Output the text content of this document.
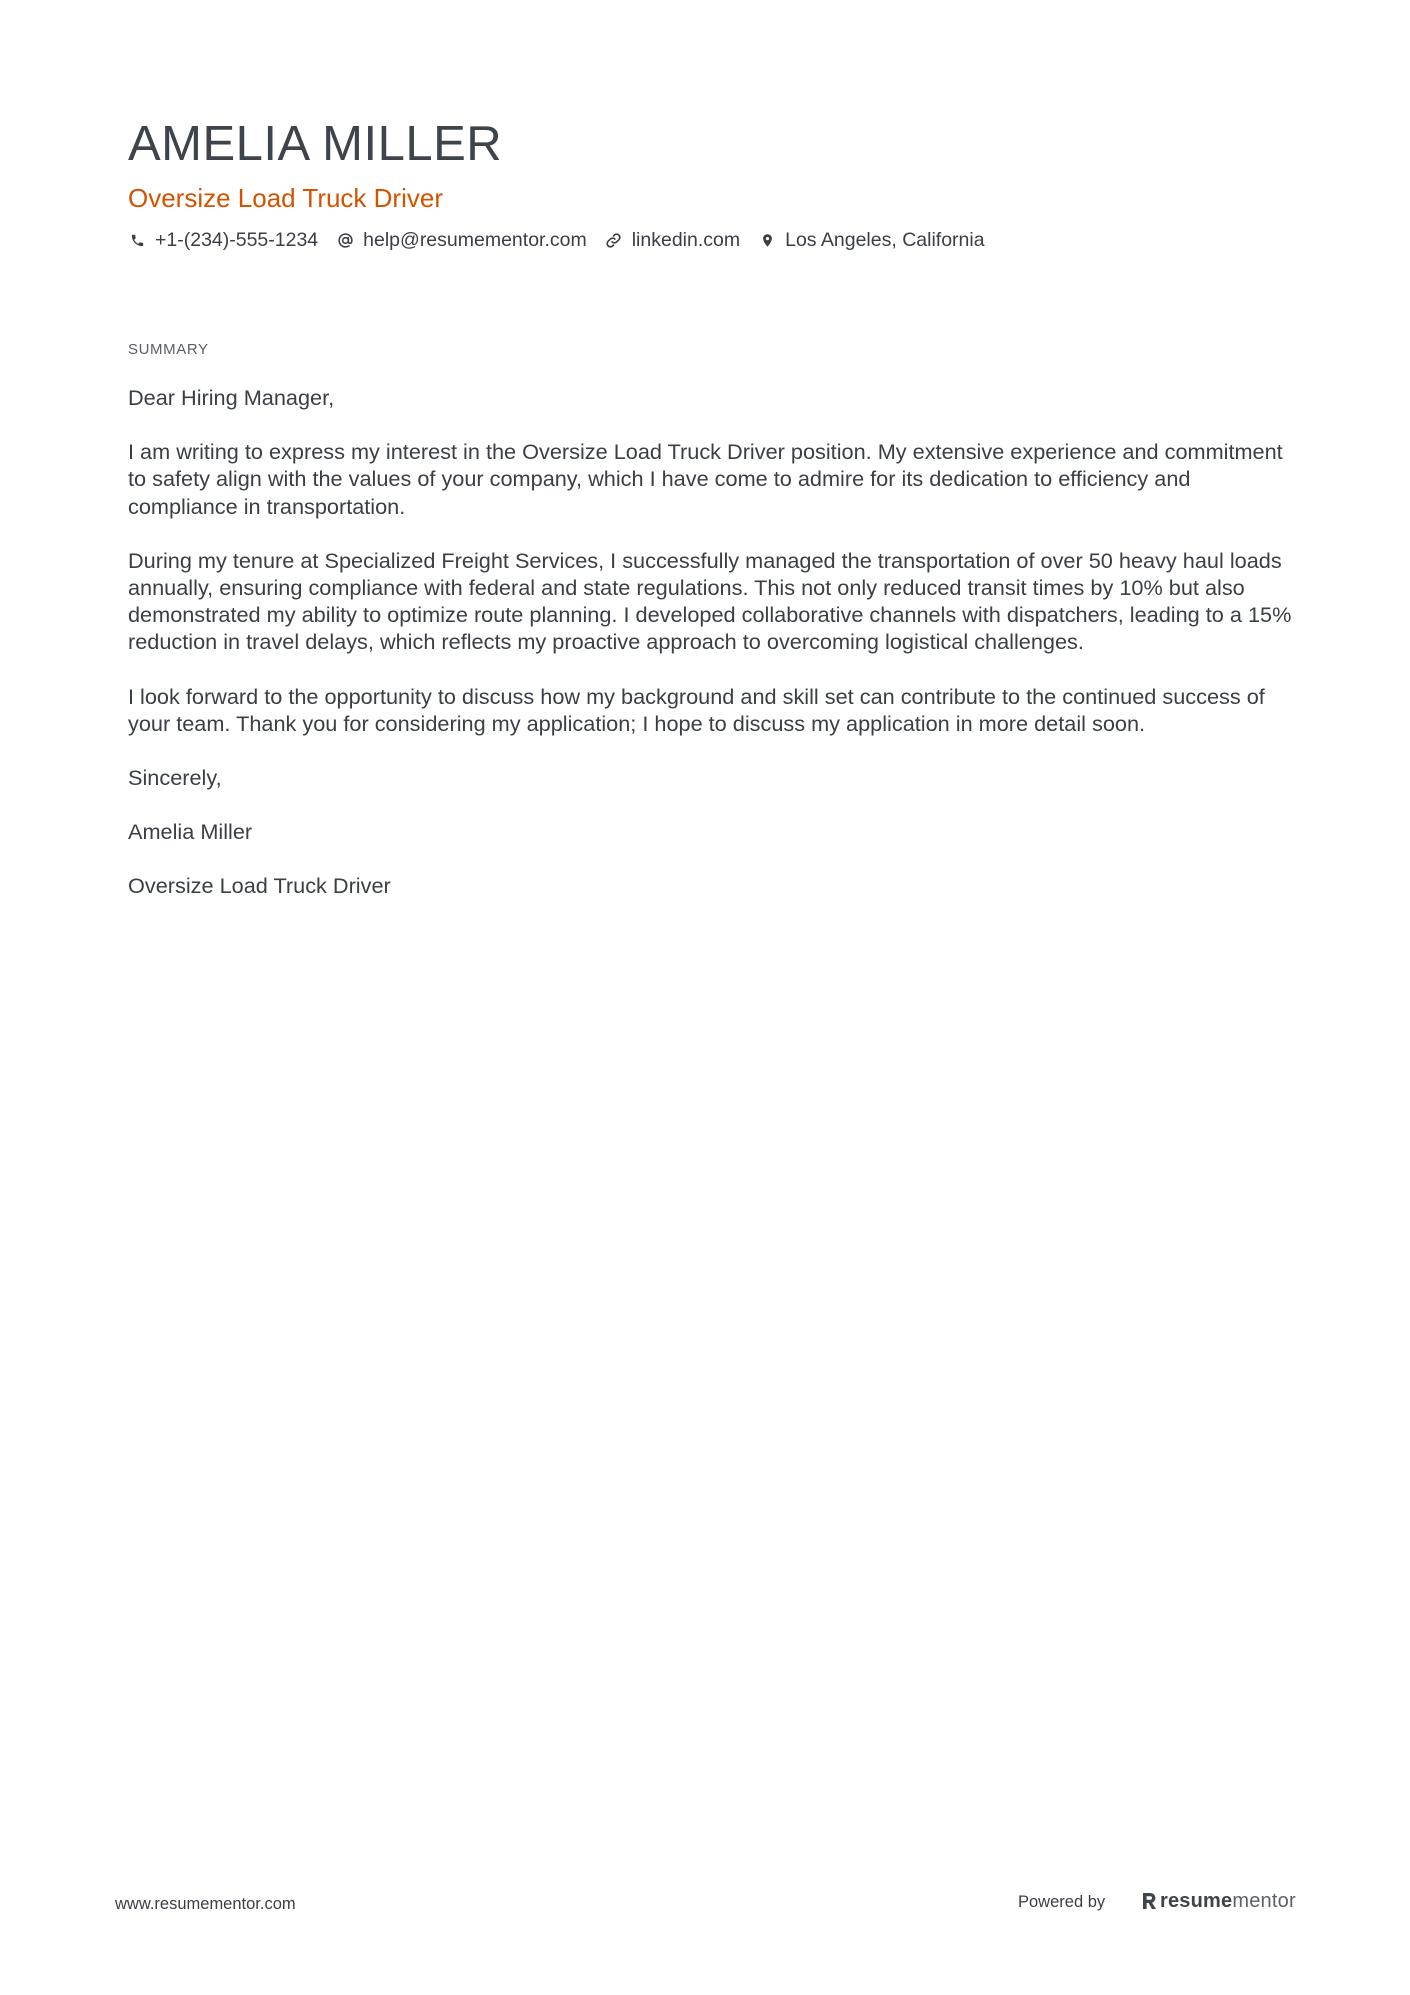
AMELIA MILLER
Oversize Load Truck Driver
+1-(234)-555-1234 help@resumementor.com linkedin.com Los Angeles, California
SUMMARY

Dear Hiring Manager,

I am writing to express my interest in the Oversize Load Truck Driver position. My extensive experience and commitment to safety align with the values of your company, which I have come to admire for its dedication to efficiency and compliance in transportation.

During my tenure at Specialized Freight Services, I successfully managed the transportation of over 50 heavy haul loads annually, ensuring compliance with federal and state regulations. This not only reduced transit times by 10% but also demonstrated my ability to optimize route planning. I developed collaborative channels with dispatchers, leading to a 15% reduction in travel delays, which reflects my proactive approach to overcoming logistical challenges.

I look forward to the opportunity to discuss how my background and skill set can contribute to the continued success of your team. Thank you for considering my application; I hope to discuss my application in more detail soon.

Sincerely,

Amelia Miller

Oversize Load Truck Driver

www.resumementor.com	Powered by	resume mentor
